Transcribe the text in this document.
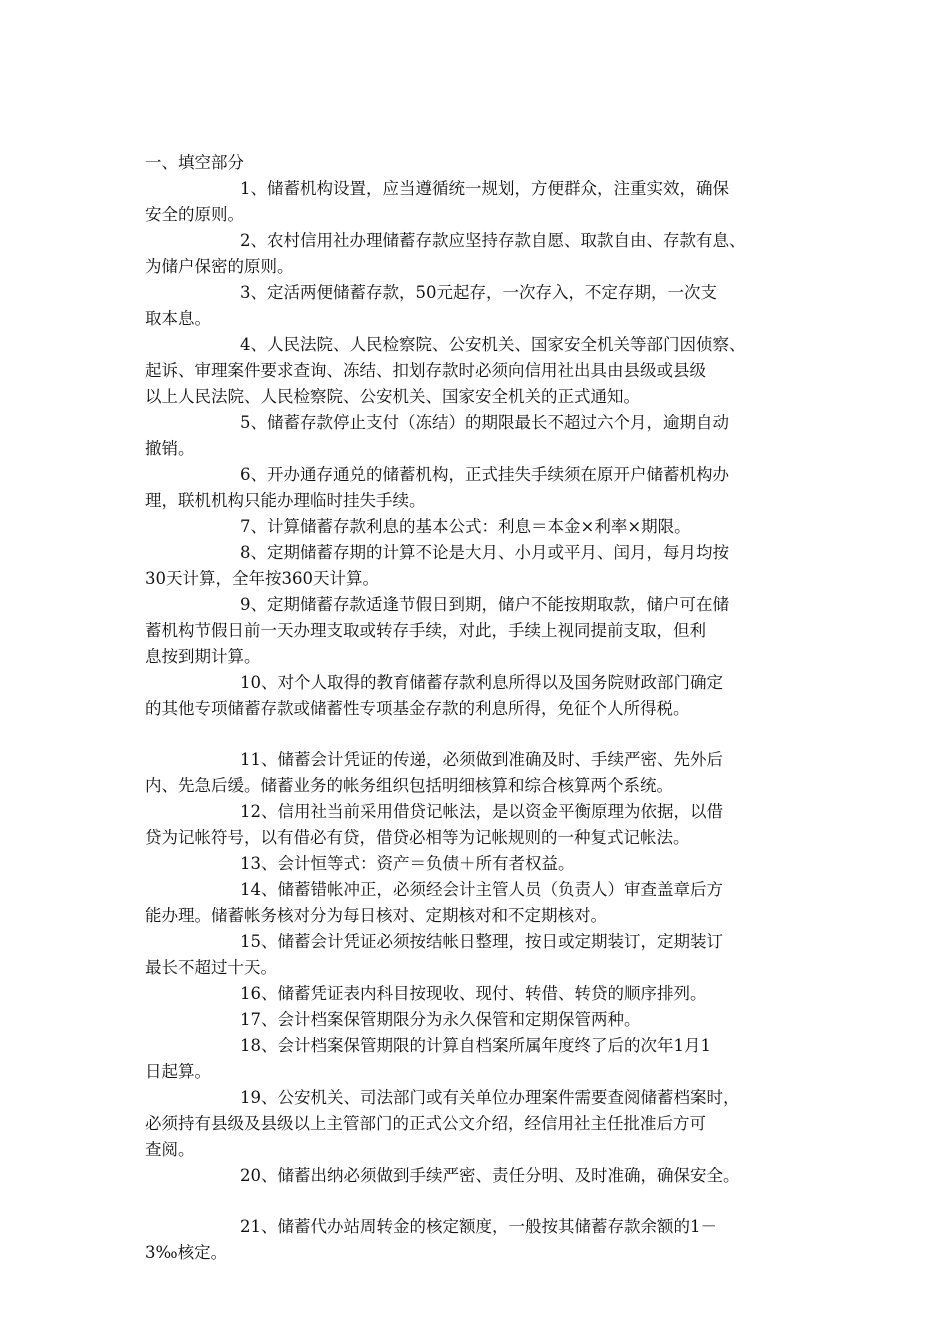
一、填空部分
1、储蓄机构设置，应当遵循统一规划，方便群众，注重实效，确保
安全的原则。
2、农村信用社办理储蓄存款应坚持存款自愿、取款自由、存款有息、
为储户保密的原则。
3、定活两便储蓄存款，50元起存，一次存入，不定存期，一次支
取本息。
4、人民法院、人民检察院、公安机关、国家安全机关等部门因侦察、
起诉、审理案件要求查询、冻结、扣划存款时必须向信用社出具由县级或县级
以上人民法院、人民检察院、公安机关、国家安全机关的正式通知。
5、储蓄存款停止支付（冻结）的期限最长不超过六个月，逾期自动
撤销。
6、开办通存通兑的储蓄机构，正式挂失手续须在原开户储蓄机构办
理，联机机构只能办理临时挂失手续。
7、计算储蓄存款利息的基本公式：利息＝本金×利率×期限。
8、定期储蓄存期的计算不论是大月、小月或平月、闰月，每月均按
30天计算，全年按360天计算。
9、定期储蓄存款适逢节假日到期，储户不能按期取款，储户可在储
蓄机构节假日前一天办理支取或转存手续，对此，手续上视同提前支取，但利
息按到期计算。
10、对个人取得的教育储蓄存款利息所得以及国务院财政部门确定
的其他专项储蓄存款或储蓄性专项基金存款的利息所得，免征个人所得税。
11、储蓄会计凭证的传递，必须做到准确及时、手续严密、先外后
内、先急后缓。储蓄业务的帐务组织包括明细核算和综合核算两个系统。
12、信用社当前采用借贷记帐法，是以资金平衡原理为依据，以借
贷为记帐符号，以有借必有贷，借贷必相等为记帐规则的一种复式记帐法。
13、会计恒等式：资产＝负债＋所有者权益。
14、储蓄错帐冲正，必须经会计主管人员（负责人）审查盖章后方
能办理。储蓄帐务核对分为每日核对、定期核对和不定期核对。
15、储蓄会计凭证必须按结帐日整理，按日或定期装订，定期装订
最长不超过十天。
16、储蓄凭证表内科目按现收、现付、转借、转贷的顺序排列。
17、会计档案保管期限分为永久保管和定期保管两种。
18、会计档案保管期限的计算自档案所属年度终了后的次年1月1
日起算。
19、公安机关、司法部门或有关单位办理案件需要查阅储蓄档案时，
必须持有县级及县级以上主管部门的正式公文介绍，经信用社主任批准后方可
查阅。
20、储蓄出纳必须做到手续严密、责任分明、及时准确，确保安全。
21、储蓄代办站周转金的核定额度，一般按其储蓄存款余额的1－
3‰核定。
